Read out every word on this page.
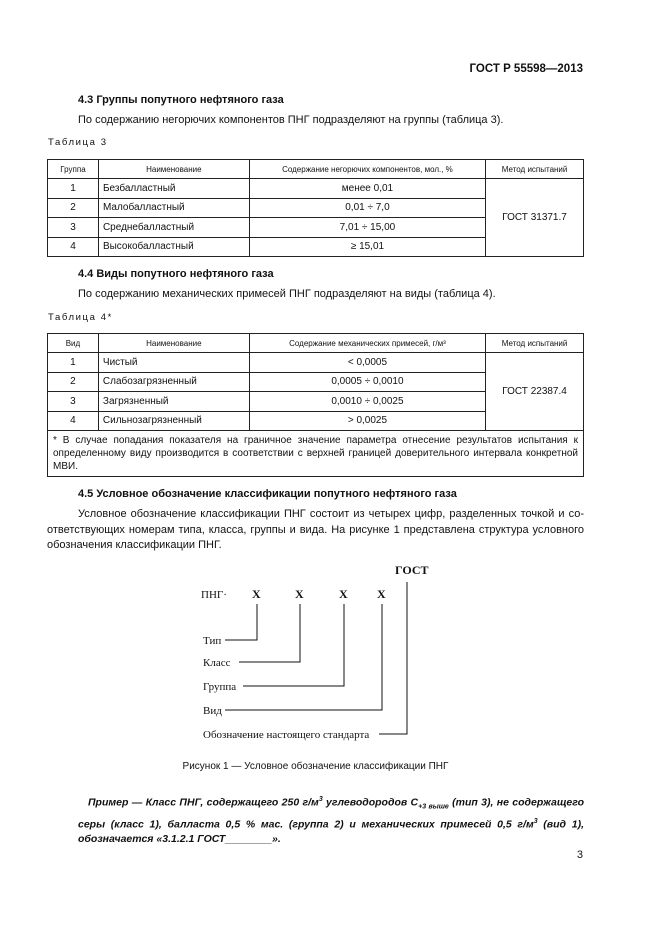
ГОСТ Р 55598—2013
4.3 Группы попутного нефтяного газа
По содержанию негорючих компонентов ПНГ подразделяют на группы (таблица 3).
Таблица 3
Группа	Наименование	Содержание негорючих компонентов, мол., %	Метод испытаний
1	Безбалластный	менее 0,01	ГОСТ 31371.7
2	Малобалластный	0,01 ÷ 7,0	
3	Среднебалластный	7,01 ÷ 15,00	
4	Высокобалластный	≥ 15,01	
4.4 Виды попутного нефтяного газа
По содержанию механических примесей ПНГ подразделяют на виды (таблица 4).
Таблица 4*
Вид	Наименование	Содержание механических примесей, г/м³	Метод испытаний
1	Чистый	< 0,0005	ГОСТ 22387.4
2	Слабозагрязненный	0,0005 ÷ 0,0010	
3	Загрязненный	0,0010 ÷ 0,0025	
4	Сильнозагрязненный	> 0,0025	
* В случае попадания показателя на граничное значение параметра отнесение результатов испытания к определенному виду производится в соответствии с верхней границей доверительного интервала конкретной МВИ.			
4.5 Условное обозначение классификации попутного нефтяного газа
Условное обозначение классификации ПНГ состоит из четырех цифр, разделенных точкой и со-ответствующих номерам типа, класса, группы и вида. На рисунке 1 представлена структура условного обозначения классификации ПНГ.
ГОСТ
ПНГ· X	X	X X
Тип
Класс
Группа
Вид
Обозначение настоящего стандарта
Рисунок 1 — Условное обозначение классификации ПНГ
Пример — Класс ПНГ, содержащего 250 $г/м^3$ углеводородов $С_{+3 выше}$ (тип 3), не содержащего серы (класс 1), балласта 0,5 % мас. (группа 2) и механических примесей 0,5 $г/м^3$ (вид 1), обозначается «3.1.2.1 ГОСТ________».
3
